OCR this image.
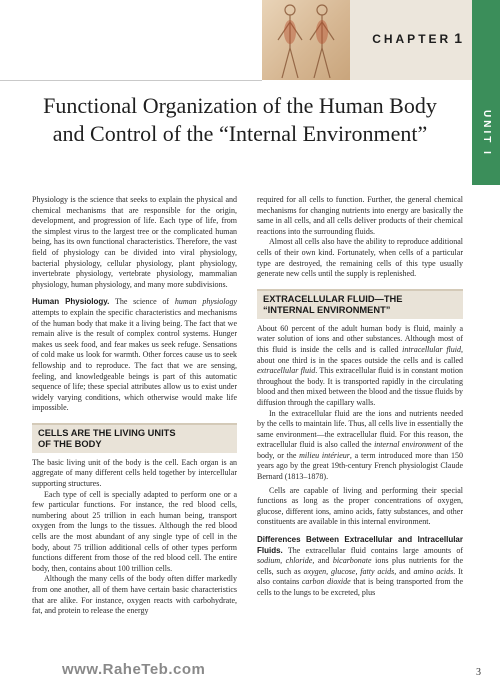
CHAPTER 1
UNIT I
Functional Organization of the Human Body
and Control of the “Internal Environment”

Physiology is the science that seeks to explain the physical and chemical mechanisms that are responsible for the origin, development, and progression of life. Each type of life, from the simplest virus to the largest tree or the complicated human being, has its own functional characteristics. Therefore, the vast field of physiology can be divided into viral physiology, bacterial physiology, cellular physiology, plant physiology, invertebrate physiology, vertebrate physiology, mammalian physiology, human physiology, and many more subdivisions.

Human Physiology. The science of human physiology attempts to explain the specific characteristics and mechanisms of the human body that make it a living being. The fact that we remain alive is the result of complex control systems. Hunger makes us seek food, and fear makes us seek refuge. Sensations of cold make us look for warmth. Other forces cause us to seek fellowship and to reproduce. The fact that we are sensing, feeling, and knowledgeable beings is part of this automatic sequence of life; these special attributes allow us to exist under widely varying conditions, which otherwise would make life impossible.

CELLS ARE THE LIVING UNITS
OF THE BODY

The basic living unit of the body is the cell. Each organ is an aggregate of many different cells held together by intercellular supporting structures.

Each type of cell is specially adapted to perform one or a few particular functions. For instance, the red blood cells, numbering about 25 trillion in each human being, transport oxygen from the lungs to the tissues. Although the red blood cells are the most abundant of any single type of cell in the body, about 75 trillion additional cells of other types perform functions different from those of the red blood cell. The entire body, then, contains about 100 trillion cells.

Although the many cells of the body often differ markedly from one another, all of them have certain basic characteristics that are alike. For instance, oxygen reacts with carbohydrate, fat, and protein to release the energy

required for all cells to function. Further, the general chemical mechanisms for changing nutrients into energy are basically the same in all cells, and all cells deliver products of their chemical reactions into the surrounding fluids.

Almost all cells also have the ability to reproduce additional cells of their own kind. Fortunately, when cells of a particular type are destroyed, the remaining cells of this type usually generate new cells until the supply is replenished.

EXTRACELLULAR FLUID—THE
“INTERNAL ENVIRONMENT”

About 60 percent of the adult human body is fluid, mainly a water solution of ions and other substances. Although most of this fluid is inside the cells and is called intracellular fluid, about one third is in the spaces outside the cells and is called extracellular fluid. This extracellular fluid is in constant motion throughout the body. It is transported rapidly in the circulating blood and then mixed between the blood and the tissue fluids by diffusion through the capillary walls.

In the extracellular fluid are the ions and nutrients needed by the cells to maintain life. Thus, all cells live in essentially the same environment—the extracellular fluid. For this reason, the extracellular fluid is also called the internal environment of the body, or the milieu intérieur, a term introduced more than 150 years ago by the great 19th-century French physiologist Claude Bernard (1813–1878).

Cells are capable of living and performing their special functions as long as the proper concentrations of oxygen, glucose, different ions, amino acids, fatty substances, and other constituents are available in this internal environment.

Differences Between Extracellular and Intracellular Fluids. The extracellular fluid contains large amounts of sodium, chloride, and bicarbonate ions plus nutrients for the cells, such as oxygen, glucose, fatty acids, and amino acids. It also contains carbon dioxide that is being transported from the cells to the lungs to be excreted, plus

www.RaheTeb.com	3
